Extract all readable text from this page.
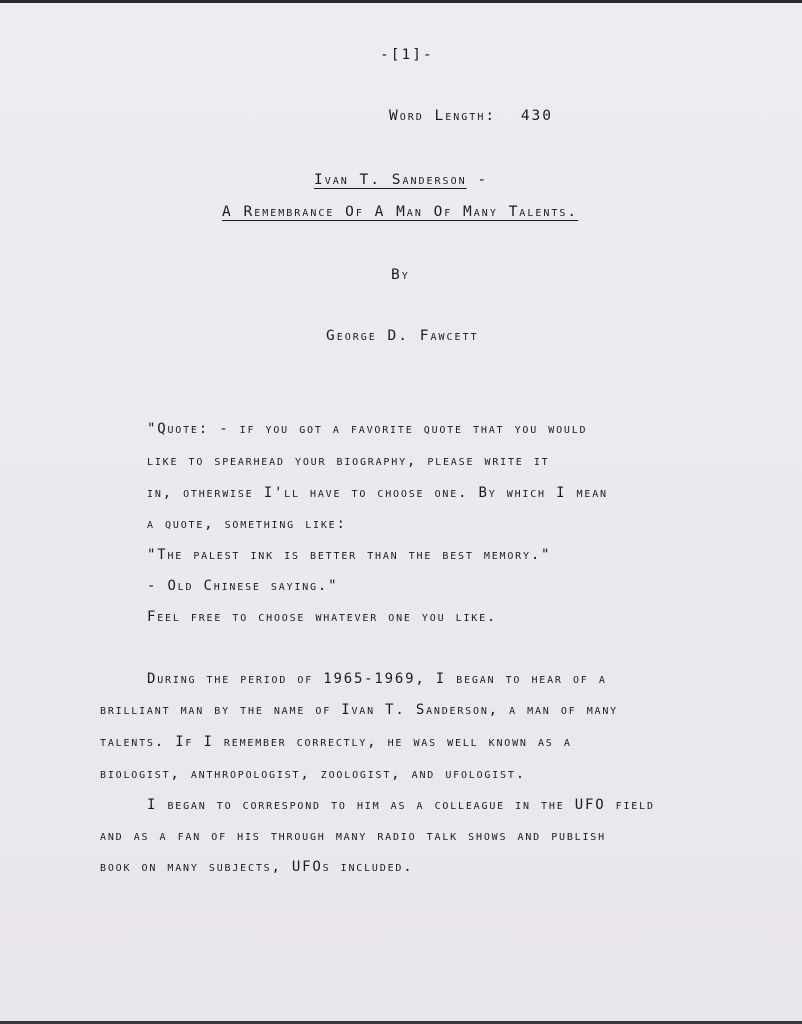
-[1]-
Word Length: 430
Ivan T. Sanderson -
A Remembrance Of A Man Of Many Talents.
By
George D. Fawcett
"Quote: - if you got a favorite quote that you would
like to spearhead your biography, please write it
in, otherwise I'll have to choose one. By which I mean
a quote, something like:
"The palest ink is better than the best memory."
- Old Chinese saying."
Feel free to choose whatever one you like.
During the period of 1965-1969, I began to hear of a
brilliant man by the name of Ivan T. Sanderson, a man of many
talents. If I remember correctly, he was well known as a
biologist, anthropologist, zoologist, and ufologist.
I began to correspond to him as a colleague in the UFO field
and as a fan of his through many radio talk shows and publish
book on many subjects, UFOs included.
